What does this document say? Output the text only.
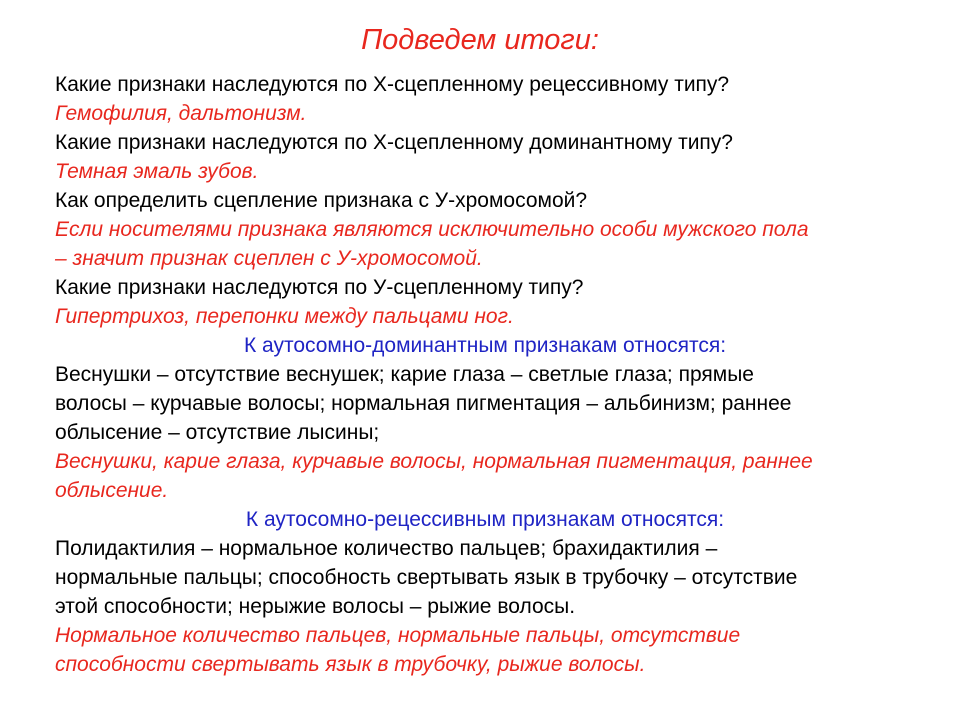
Подведем итоги:

Какие признаки наследуются по Х-сцепленному рецессивному типу?

Гемофилия, дальтонизм.

Какие признаки наследуются по Х-сцепленному доминантному типу?

Темная эмаль зубов.

Как определить сцепление признака с У-хромосомой?

Если носителями признака являются исключительно особи мужского пола

– значит признак сцеплен с У-хромосомой.

Какие признаки наследуются по У-сцепленному типу?

Гипертрихоз, перепонки между пальцами ног.

К аутосомно-доминантным признакам относятся:

Веснушки – отсутствие веснушек; карие глаза – светлые глаза; прямые

волосы – курчавые волосы; нормальная пигментация – альбинизм; раннее

облысение – отсутствие лысины;

Веснушки, карие глаза, курчавые волосы, нормальная пигментация, раннее

облысение.

К аутосомно-рецессивным признакам относятся:

Полидактилия – нормальное количество пальцев; брахидактилия –

нормальные пальцы; способность свертывать язык в трубочку – отсутствие

этой способности; нерыжие волосы – рыжие волосы.

Нормальное количество пальцев, нормальные пальцы, отсутствие

способности свертывать язык в трубочку, рыжие волосы.
